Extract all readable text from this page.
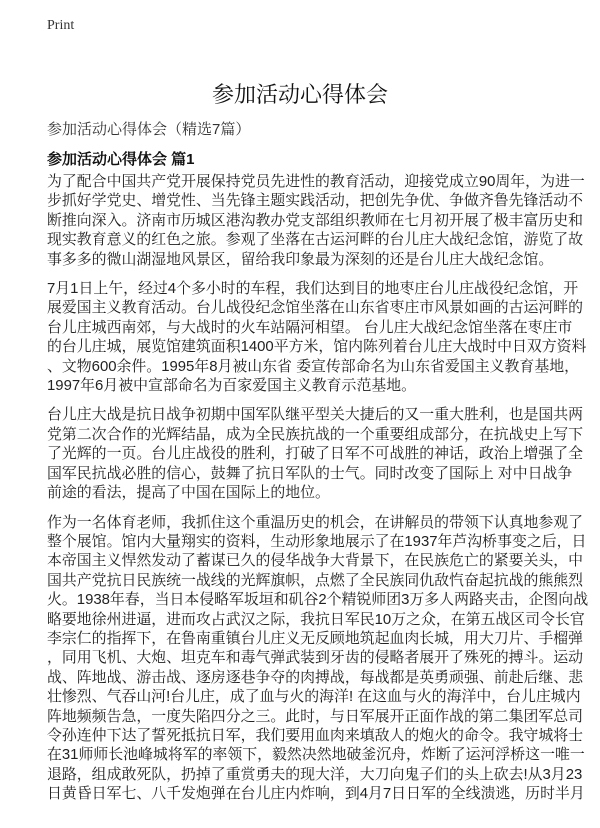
Print
参加活动心得体会
参加活动心得体会（精选7篇）
参加活动心得体会 篇1

为了配合中国共产党开展保持党员先进性的教育活动，迎接党成立90周年，为进一
步抓好学党史、增党性、当先锋主题实践活动，把创先争优、争做齐鲁先锋活动不
断推向深入。济南市历城区港沟教办党支部组织教师在七月初开展了极丰富历史和
现实教育意义的红色之旅。参观了坐落在古运河畔的台儿庄大战纪念馆，游览了故
事多多的微山湖湿地风景区，留给我印象最为深刻的还是台儿庄大战纪念馆。

7月1日上午，经过4个多小时的车程，我们达到目的地枣庄台儿庄战役纪念馆，开
展爱国主义教育活动。台儿战役纪念馆坐落在山东省枣庄市风景如画的古运河畔的
台儿庄城西南郊，与大战时的火车站隔河相望。 台儿庄大战纪念馆坐落在枣庄市
的台儿庄城，展览馆建筑面积1400平方米，馆内陈列着台儿庄大战时中日双方资料
、文物600余件。1995年8月被山东省 委宣传部命名为山东省爱国主义教育基地，
1997年6月被中宣部命名为百家爱国主义教育示范基地。

台儿庄大战是抗日战争初期中国军队继平型关大捷后的又一重大胜利，也是国共两
党第二次合作的光辉结晶，成为全民族抗战的一个重要组成部分，在抗战史上写下
了光辉的一页。台儿庄战役的胜利，打破了日军不可战胜的神话，政治上增强了全
国军民抗战必胜的信心，鼓舞了抗日军队的士气。同时改变了国际上 对中日战争
前途的看法，提高了中国在国际上的地位。

作为一名体育老师，我抓住这个重温历史的机会，在讲解员的带领下认真地参观了
整个展馆。馆内大量翔实的资料，生动形象地展示了在1937年芦沟桥事变之后，日
本帝国主义悍然发动了蓄谋已久的侵华战争大背景下，在民族危亡的紧要关头，中
国共产党抗日民族统一战线的光辉旗帜，点燃了全民族同仇敌忾奋起抗战的熊熊烈
火。1938年春，当日本侵略军坂垣和矶谷2个精锐师团3万多人两路夹击，企图向战
略要地徐州进逼，进而攻占武汉之际，我抗日军民10万之众，在第五战区司令长官
李宗仁的指挥下，在鲁南重镇台儿庄义无反顾地筑起血肉长城，用大刀片、手榴弹
，同用飞机、大炮、坦克车和毒气弹武装到牙齿的侵略者展开了殊死的搏斗。运动
战、阵地战、游击战、逐房逐巷争夺的肉搏战，每战都是英勇顽强、前赴后继、悲
壮惨烈、气吞山河!台儿庄，成了血与火的海洋! 在这血与火的海洋中，台儿庄城内
阵地频频告急，一度失陷四分之三。此时，与日军展开正面作战的第二集团军总司
令孙连仲下达了誓死抵抗日军，我们要用血肉来填敌人的炮火的命令。我守城将士
在31师师长池峰城将军的率领下，毅然决然地破釜沉舟，炸断了运河浮桥这一唯一
退路，组成敢死队，扔掉了重赏勇夫的现大洋，大刀向鬼子们的头上砍去!从3月23
日黄昏日军七、八千发炮弹在台儿庄内炸响，到4月7日日军的全线溃逃，历时半月
